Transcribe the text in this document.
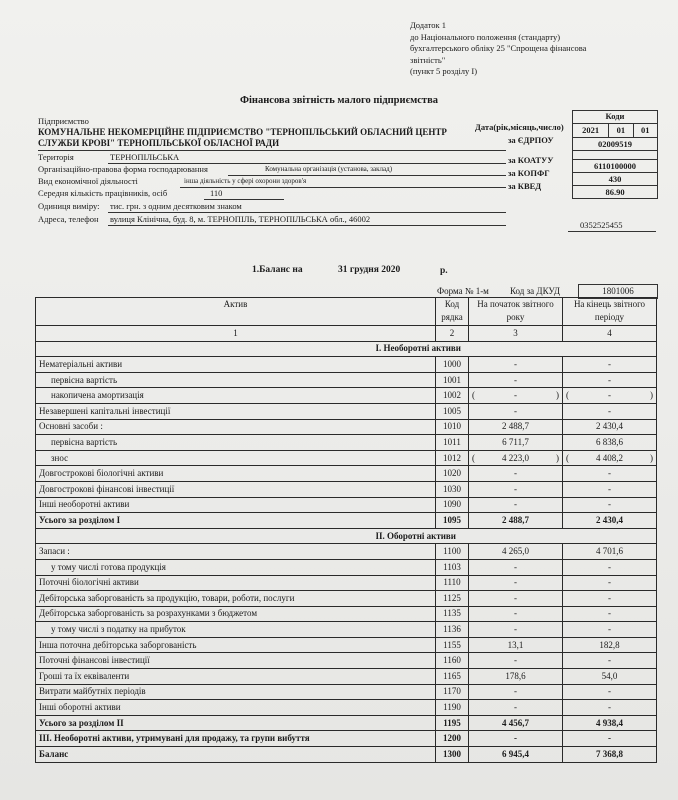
Додаток 1
до Національного положення (стандарту)
бухгалтерського обліку 25 "Спрощена фінансова
звітність"
(пункт 5 розділу I)
Фінансова звітність малого підприємства
Підприємство
КОМУНАЛЬНЕ НЕКОМЕРЦІЙНЕ ПІДПРИЄМСТВО "ТЕРНОПІЛЬСЬКИЙ ОБЛАСНИЙ ЦЕНТР
СЛУЖБИ КРОВІ" ТЕРНОПІЛЬСЬКОЇ ОБЛАСНОЇ РАДИ
Дата(рік,місяць,число)
за ЄДРПОУ
Територія	ТЕРНОПІЛЬСЬКА	за КОАТУУ
Організаційно-правова форма господарювання	Комунальна організація (установа, заклад)	за КОПФГ
Вид економічної діяльності	інша діяльність у сфері охорони здоров'я	за КВЕД
Середня кількість працівників, осіб	110
Одиниця виміру: тис. грн. з одним десятковим знаком
Адреса, телефон вулиця Клінічна, буд. 8, м. ТЕРНОПІЛЬ, ТЕРНОПІЛЬСЬКА обл., 46002
0352525455
Коди
2021	01	01
02009519
6110100000
430
86.90
1.Баланс на	31 грудня 2020	р.
Форма № 1-м Код за ДКУД	1801006
Актив	Код рядка	На початок звітного року	На кінець звітного періоду
1	2	3	4
	I. Необоротні активи
Нематеріальні активи	1000	-	-
первісна вартість	1001	-	-
накопичена амортизація	1002	(	-	)	(	-	)

Незавершені капітальні інвестиції	1005	-	-
Основні засоби :	1010	2 488,7	2 430,4
первісна вартість	1011	6 711,7	6 838,6
знос	1012	(	4 223,0	)	(	4 408,2	)

Довгострокові біологічні активи	1020	-	-
Довгострокові фінансові інвестиції	1030	-	-
Інші необоротні активи	1090	-	-
Усього за розділом I	1095	2 488,7	2 430,4
	II. Оборотні активи
Запаси :	1100	4 265,0	4 701,6
у тому числі готова продукція	1103	-	-
Поточні біологічні активи	1110	-	-
Дебіторська заборгованість за продукцію, товари, роботи, послуги	1125	-	-
Дебіторська заборгованість за розрахунками з бюджетом	1135	-	-
у тому числі з податку на прибуток	1136	-	-
Інша поточна дебіторська заборгованість	1155	13,1	182,8
Поточні фінансові інвестиції	1160	-	-
Гроші та їх еквіваленти	1165	178,6	54,0
Витрати майбутніх періодів	1170	-	-
Інші оборотні активи	1190	-	-
Усього за розділом II	1195	4 456,7	4 938,4
III. Необоротні активи, утримувані для продажу, та групи вибуття	1200	-	-
Баланс	1300	6 945,4	7 368,8
